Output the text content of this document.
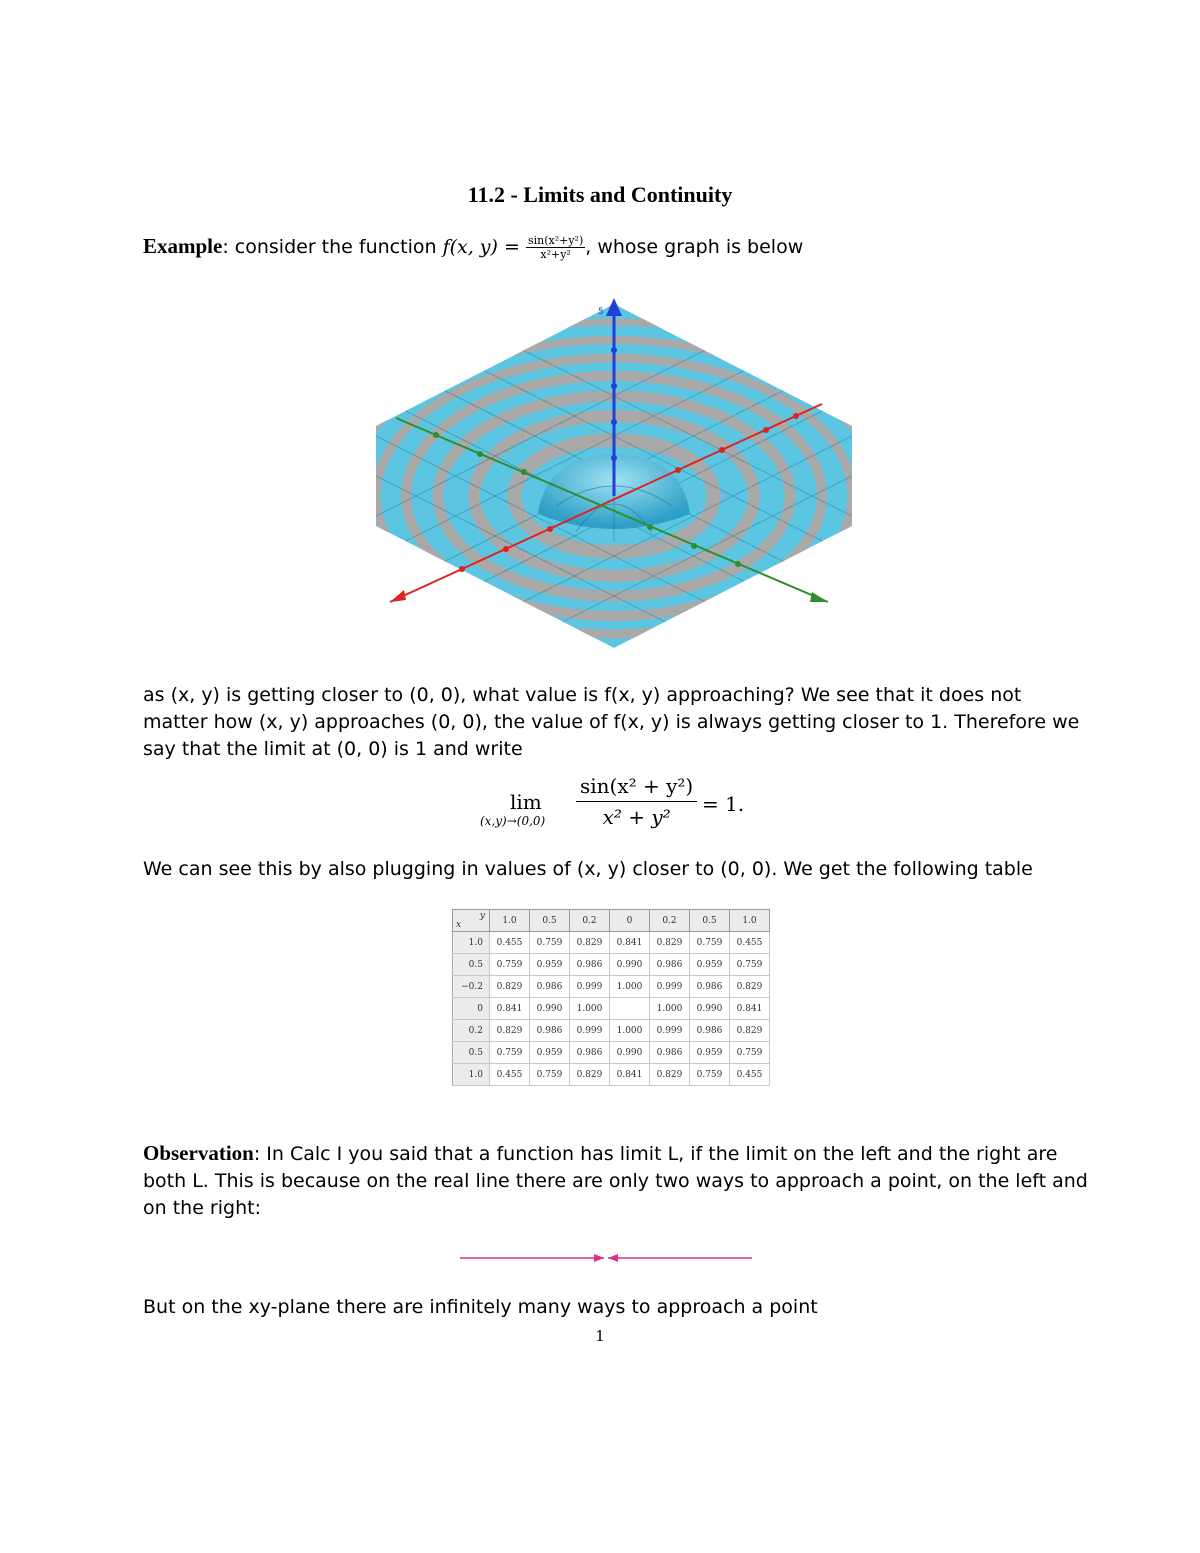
11.2 - Limits and Continuity
Example: consider the function f(x, $y) = \frac{\text{sin(x²+y²)}}{\text{x²+y²}}$ , whose graph is below
5
as (x, y) is getting closer to (0, 0), what value is f(x, y) approaching? We see that it does not matter how (x, y) approaches (0, 0), the value of f(x, y) is always getting closer to 1. Therefore we say that the limit at (0, 0) is 1 and write
lim
$(x,y)\to(0,0) \frac{\text{sin(x² + y²)}}{\text{x² + y²}} = 1$.
We can see this by also plugging in values of (x, y) closer to (0, 0). We get the following table
x
y	1.0	0.5	0.2	0	0.2	0.5	1.0
1.0	0.455	0.759	0.829	0.841	0.829	0.759	0.455
0.5	0.759	0.959	0.986	0.990	0.986	0.959	0.759
−0.2	0.829	0.986	0.999	1.000	0.999	0.986	0.829
0	0.841	0.990	1.000		1.000	0.990	0.841
0.2	0.829	0.986	0.999	1.000	0.999	0.986	0.829
0.5	0.759	0.959	0.986	0.990	0.986	0.959	0.759
1.0	0.455	0.759	0.829	0.841	0.829	0.759	0.455
Observation: In Calc I you said that a function has limit L, if the limit on the left and the right are both L. This is because on the real line there are only two ways to approach a point, on the left and on the right:
But on the xy-plane there are infinitely many ways to approach a point
1
